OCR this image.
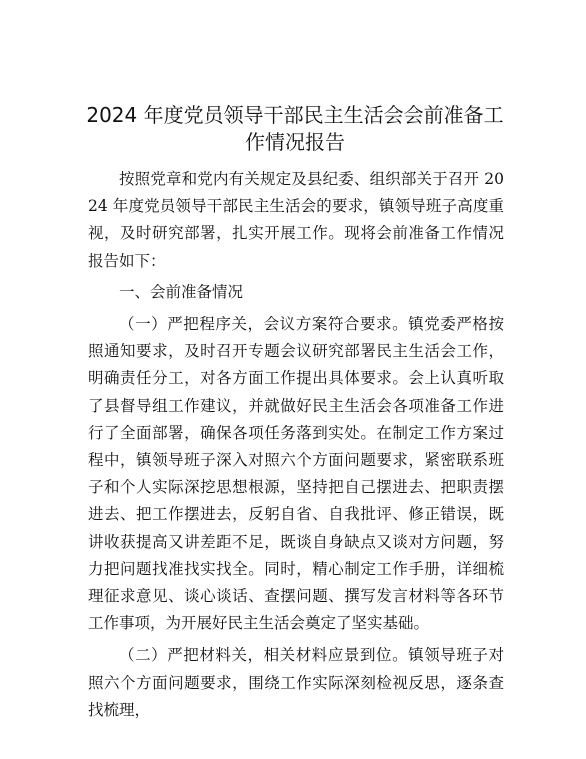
2024 年度党员领导干部民主生活会会前准备工作情况报告

按照党章和党内有关规定及县纪委、组织部关于召开 2024 年度党员领导干部民主生活会的要求，镇领导班子高度重视，及时研究部署，扎实开展工作。现将会前准备工作情况报告如下：

一、会前准备情况

（一）严把程序关，会议方案符合要求。镇党委严格按照通知要求，及时召开专题会议研究部署民主生活会工作，明确责任分工，对各方面工作提出具体要求。会上认真听取了县督导组工作建议，并就做好民主生活会各项准备工作进行了全面部署，确保各项任务落到实处。在制定工作方案过程中，镇领导班子深入对照六个方面问题要求，紧密联系班子和个人实际深挖思想根源，坚持把自己摆进去、把职责摆进去、把工作摆进去，反躬自省、自我批评、修正错误，既讲收获提高又讲差距不足，既谈自身缺点又谈对方问题，努力把问题找准找实找全。同时，精心制定工作手册，详细梳理征求意见、谈心谈话、查摆问题、撰写发言材料等各环节工作事项，为开展好民主生活会奠定了坚实基础。

（二）严把材料关，相关材料应景到位。镇领导班子对照六个方面问题要求，围绕工作实际深刻检视反思，逐条查找梳理，
